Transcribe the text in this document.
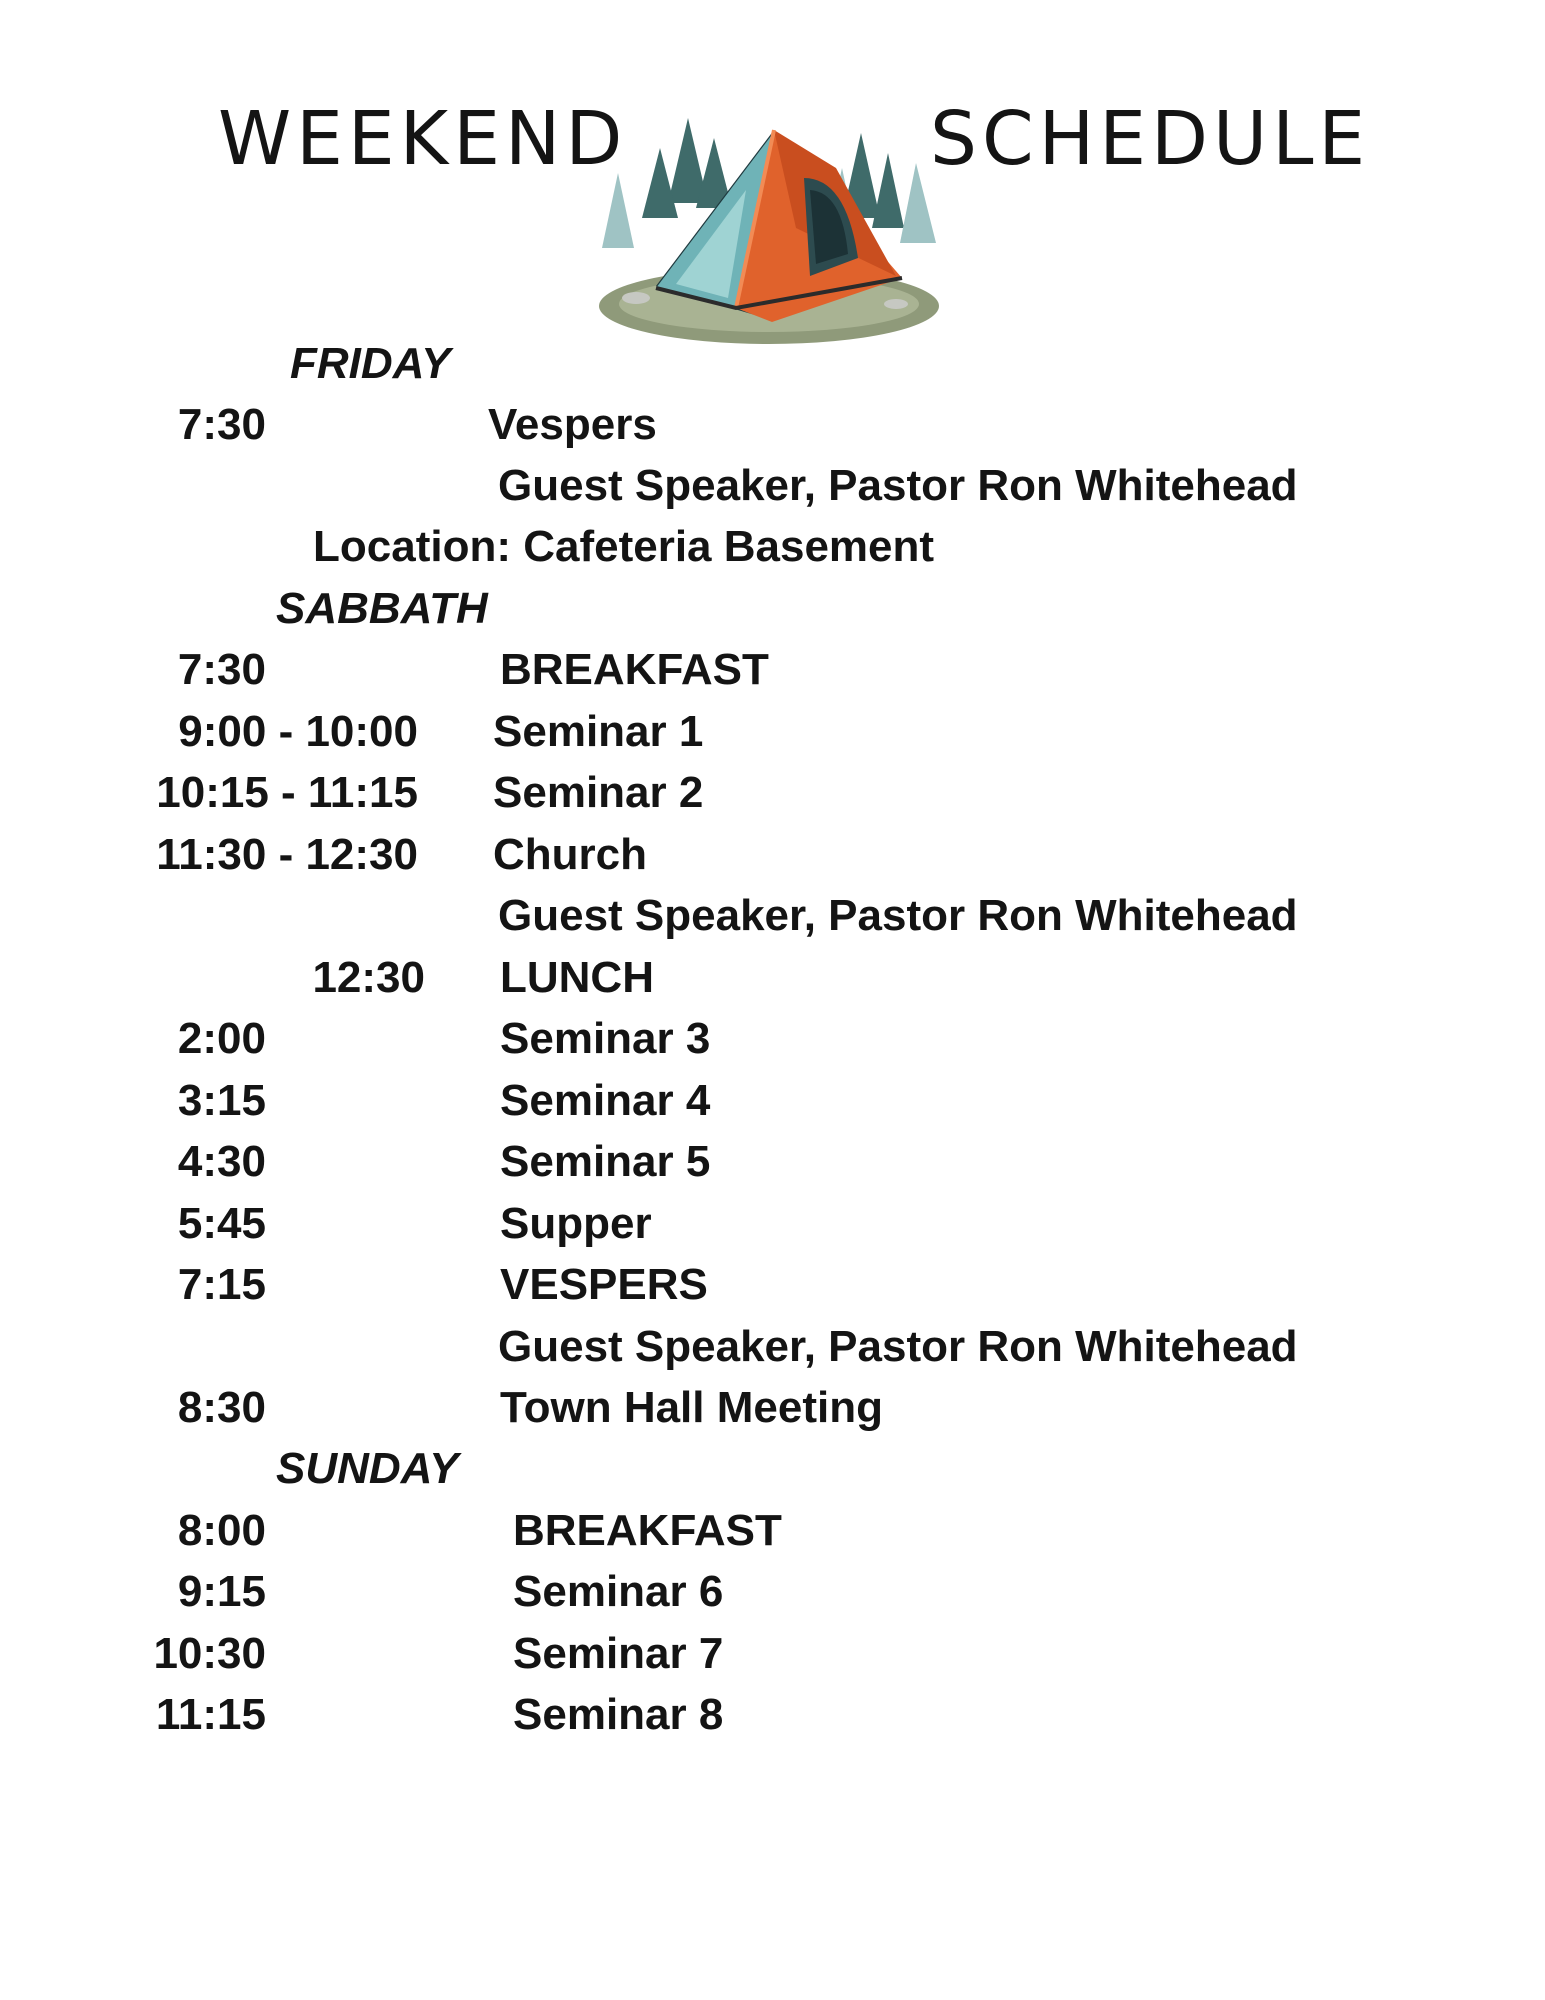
WEEKEND	SCHEDULE
FRIDAY
7:30	Vespers
Guest Speaker, Pastor Ron Whitehead
Location: Cafeteria Basement
SABBATH
7:30	BREAKFAST
9:00 - 10:00 Seminar 1
10:15 - 11:15 Seminar 2
11:30 - 12:30 Church
Guest Speaker, Pastor Ron Whitehead
12:30 LUNCH
2:00	Seminar 3
3:15	Seminar 4
4:30	Seminar 5
5:45	Supper
7:15	VESPERS
Guest Speaker, Pastor Ron Whitehead
8:30	Town Hall Meeting
SUNDAY
8:00	BREAKFAST
9:15	Seminar 6
10:30	Seminar 7
11:15	Seminar 8
